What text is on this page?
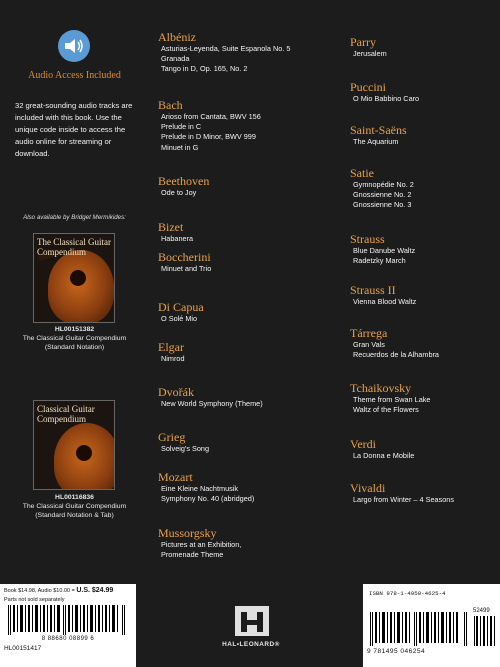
Audio Access Included
32 great-sounding audio tracks are included with this book. Use the unique code inside to access the audio online for streaming or download.
Also available by Bridget Mermikides:
The Classical Guitar Compendium
HL00151382
The Classical Guitar Compendium
(Standard Notation)
Classical Guitar Compendium
HL00116836
The Classical Guitar Compendium
(Standard Notation & Tab)
Albéniz
Asturias-Leyenda, Suite Espanola No. 5
Granada
Tango in D, Op. 165, No. 2
Bach
Arioso from Cantata, BWV 156
Prelude in C
Prelude in D Minor, BWV 999
Minuet in G
Beethoven
Ode to Joy
Bizet
Habanera
Boccherini
Minuet and Trio
Di Capua
O Solé Mio
Elgar
Nimrod
Dvořák
New World Symphony (Theme)
Grieg
Solveig's Song
Mozart
Eine Kleine Nachtmusik
Symphony No. 40 (abridged)
Mussorgsky
Pictures at an Exhibition,
Promenade Theme
Parry
Jerusalem
Puccini
O Mio Babbino Caro
Saint-Saëns
The Aquarium
Satie
Gymnopédie No. 2
Gnossienne No. 2
Gnossienne No. 3
Strauss
Blue Danube Waltz
Radetzky March
Strauss II
Vienna Blood Waltz
Tárrega
Gran Vals
Recuerdos de la Alhambra
Tchaikovsky
Theme from Swan Lake
Waltz of the Flowers
Verdi
La Donna e Mobile
Vivaldi
Largo from Winter – 4 Seasons
Book $14.98, Audio $10.00 = U.S. $24.99
Parts not sold separately
8 88680 08899 6
HL00151417
HAL•LEONARD®
ISBN 978-1-4950-4625-4
52499
9 781495 046254
